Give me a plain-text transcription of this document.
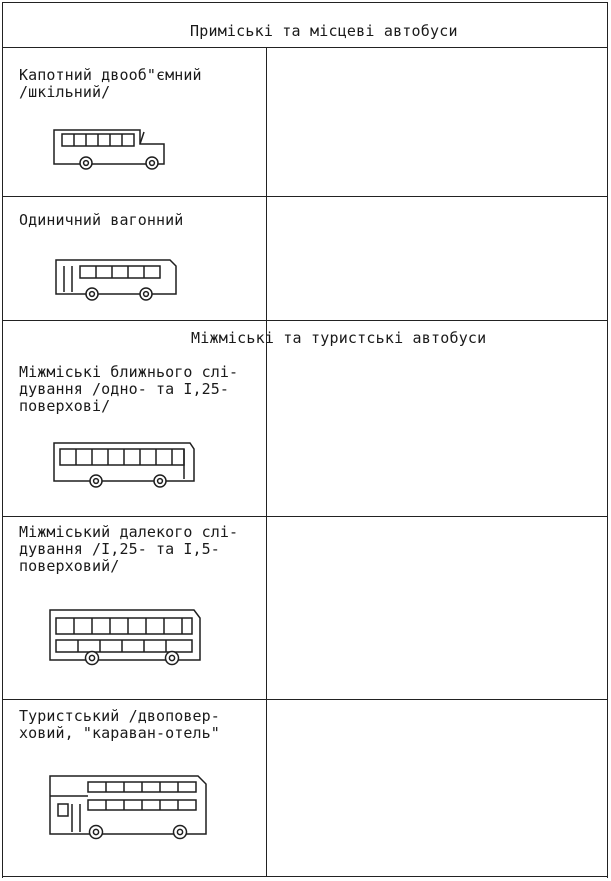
Приміські та місцеві автобуси
Міжміські та туристські автобуси
Капотний двооб"ємний
/шкільний/
Одиничний вагонний
Міжміські ближнього слі-
дування /одно- та I,25-
поверхові/
Міжміський далекого слі-
дування /I,25- та I,5-
поверховий/
Туристський /двоповер-
ховий, "караван-отель"
